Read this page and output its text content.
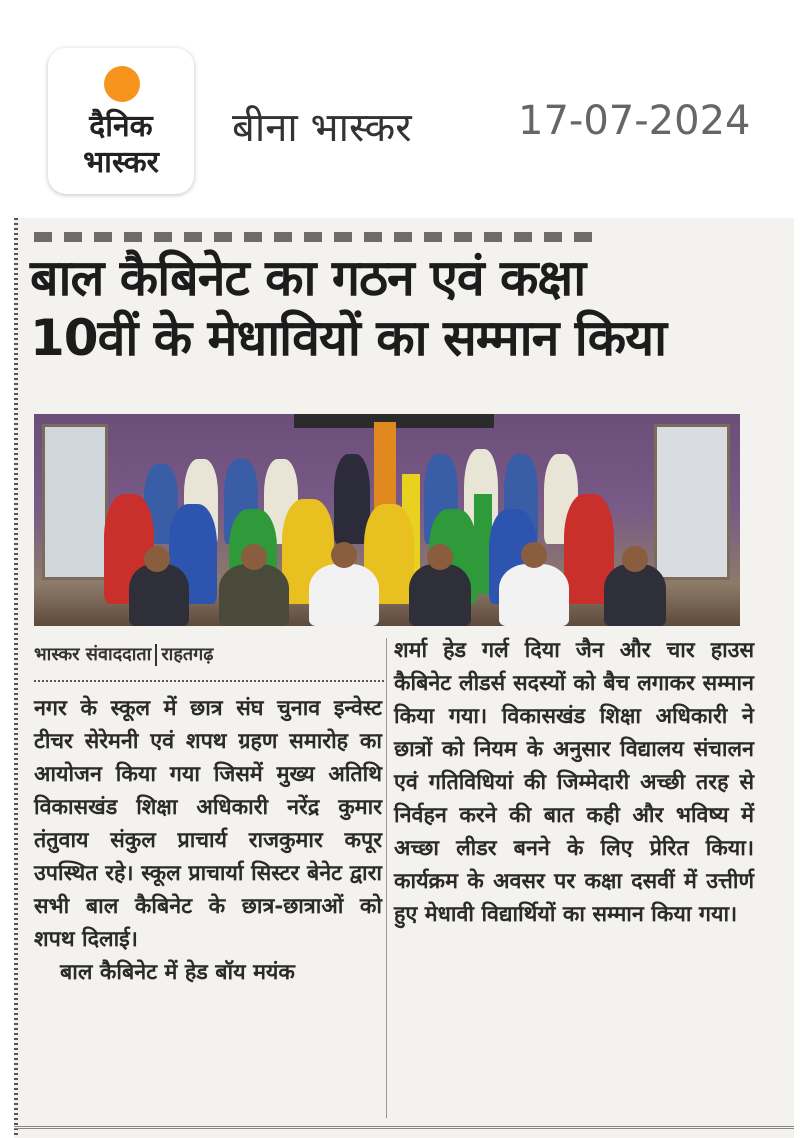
दैनिक
भास्कर
बीना भास्कर	17-07-2024
बाल कैबिनेट का गठन एवं कक्षा
10वीं के मेधावियों का सम्मान किया
भास्कर संवाददाता राहतगढ़

नगर के स्कूल में छात्र संघ चुनाव इन्वेस्ट टीचर सेरेमनी एवं शपथ ग्रहण समारोह का आयोजन किया गया जिसमें मुख्य अतिथि विकासखंड शिक्षा अधिकारी नरेंद्र कुमार तंतुवाय संकुल प्राचार्य राजकुमार कपूर उपस्थित रहे। स्कूल प्राचार्या सिस्टर बेनेट द्वारा सभी बाल कैबिनेट के छात्र-छात्राओं को शपथ दिलाई।

बाल कैबिनेट में हेड बॉय मयंक

शर्मा हेड गर्ल दिया जैन और चार हाउस कैबिनेट लीडर्स सदस्यों को बैच लगाकर सम्मान किया गया। विकासखंड शिक्षा अधिकारी ने छात्रों को नियम के अनुसार विद्यालय संचालन एवं गतिविधियां की जिम्मेदारी अच्छी तरह से निर्वहन करने की बात कही और भविष्य में अच्छा लीडर बनने के लिए प्रेरित किया। कार्यक्रम के अवसर पर कक्षा दसवीं में उत्तीर्ण हुए मेधावी विद्यार्थियों का सम्मान किया गया।
